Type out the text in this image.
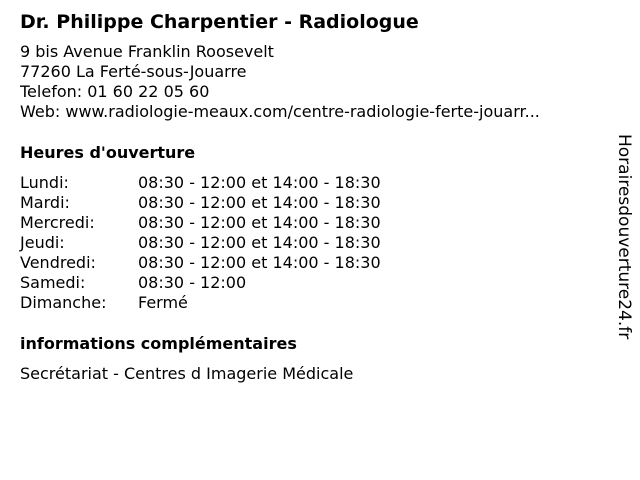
Dr. Philippe Charpentier - Radiologue
9 bis Avenue Franklin Roosevelt
77260 La Ferté-sous-Jouarre
Telefon: 01 60 22 05 60
Web: www.radiologie-meaux.com/centre-radiologie-ferte-jouarr...
Heures d'ouverture
Lundi:	08:30 - 12:00 et 14:00 - 18:30
Mardi:	08:30 - 12:00 et 14:00 - 18:30
Mercredi:	08:30 - 12:00 et 14:00 - 18:30
Jeudi:	08:30 - 12:00 et 14:00 - 18:30
Vendredi:	08:30 - 12:00 et 14:00 - 18:30
Samedi:	08:30 - 12:00
Dimanche:	Fermé
informations complémentaires
Secrétariat - Centres d Imagerie Médicale
Horairesdouverture24.fr
